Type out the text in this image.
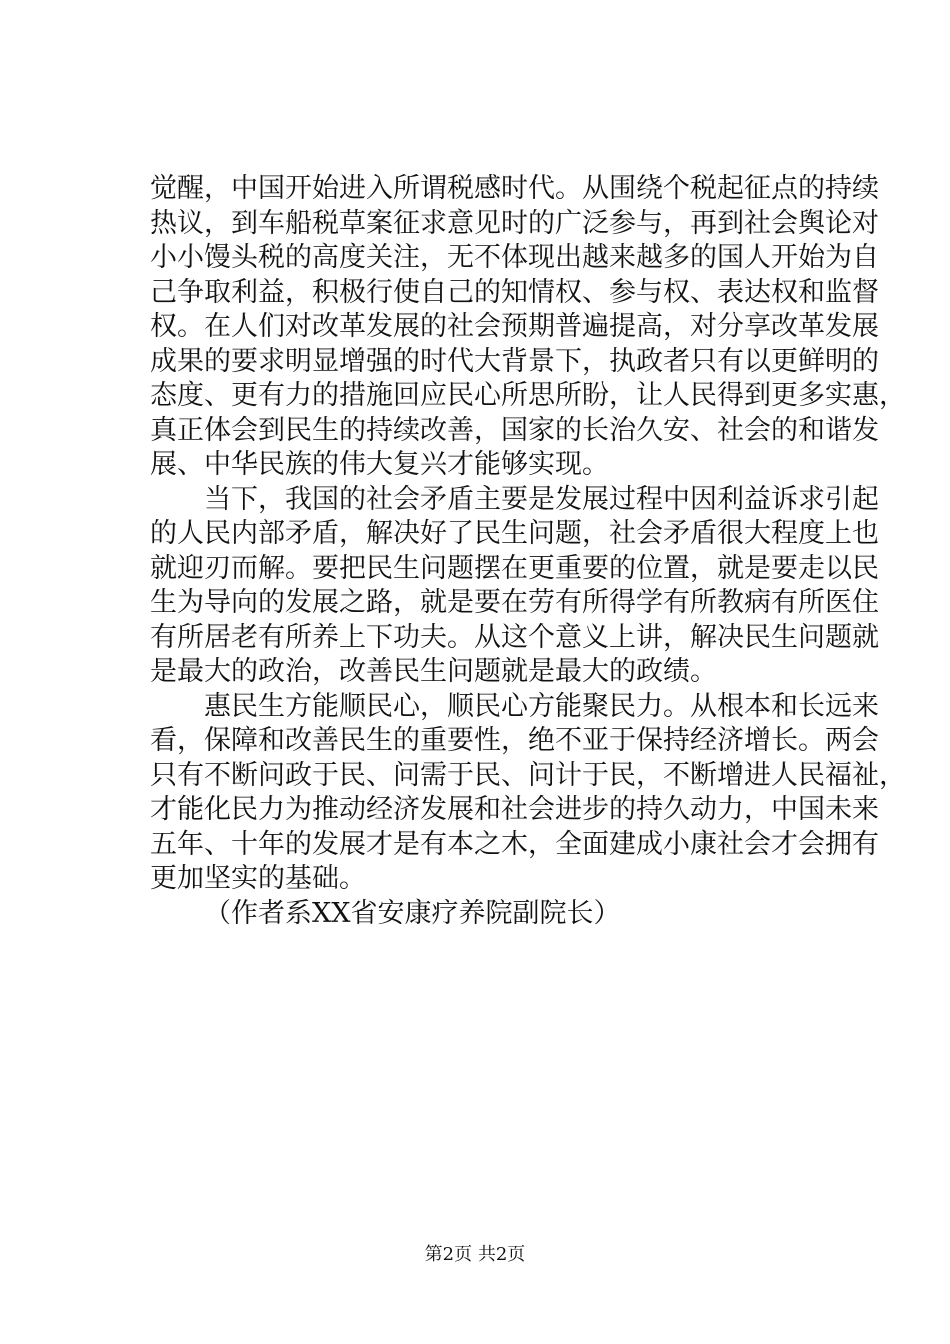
觉醒，中国开始进入所谓税感时代。从围绕个税起征点的持续
热议，到车船税草案征求意见时的广泛参与，再到社会舆论对
小小馒头税的高度关注，无不体现出越来越多的国人开始为自
己争取利益，积极行使自己的知情权、参与权、表达权和监督
权。在人们对改革发展的社会预期普遍提高，对分享改革发展
成果的要求明显增强的时代大背景下，执政者只有以更鲜明的
态度、更有力的措施回应民心所思所盼，让人民得到更多实惠，
真正体会到民生的持续改善，国家的长治久安、社会的和谐发
展、中华民族的伟大复兴才能够实现。
当下，我国的社会矛盾主要是发展过程中因利益诉求引起
的人民内部矛盾，解决好了民生问题，社会矛盾很大程度上也
就迎刃而解。要把民生问题摆在更重要的位置，就是要走以民
生为导向的发展之路，就是要在劳有所得学有所教病有所医住
有所居老有所养上下功夫。从这个意义上讲，解决民生问题就
是最大的政治，改善民生问题就是最大的政绩。
惠民生方能顺民心，顺民心方能聚民力。从根本和长远来
看，保障和改善民生的重要性，绝不亚于保持经济增长。两会
只有不断问政于民、问需于民、问计于民，不断增进人民福祉，
才能化民力为推动经济发展和社会进步的持久动力，中国未来
五年、十年的发展才是有本之木，全面建成小康社会才会拥有
更加坚实的基础。
（作者系XX省安康疗养院副院长）
第2页 共2页
